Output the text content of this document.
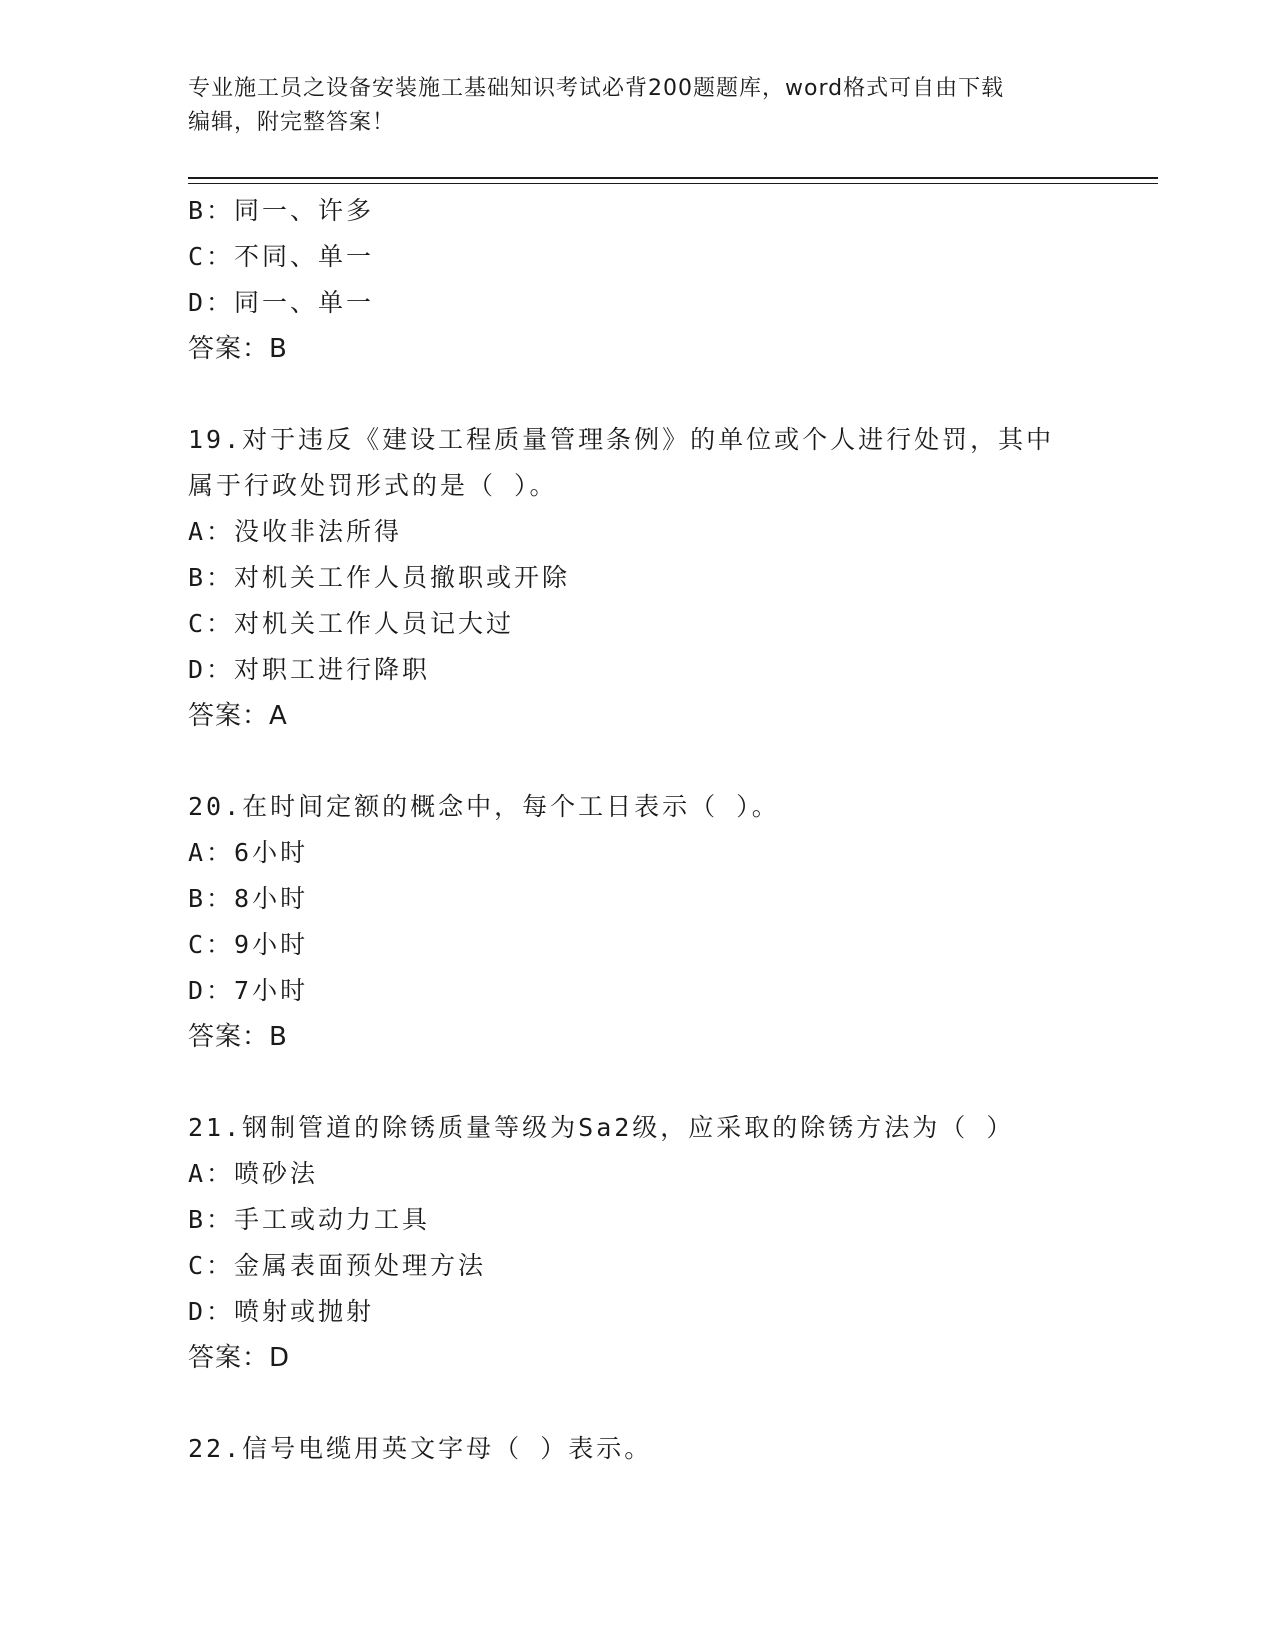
专业施工员之设备安装施工基础知识考试必背200题题库，word格式可自由下载
编辑，附完整答案！
B：同一、许多
C：不同、单一
D：同一、单一
答案：B
19.对于违反《建设工程质量管理条例》的单位或个人进行处罚，其中
属于行政处罚形式的是（ ）。
A：没收非法所得
B：对机关工作人员撤职或开除
C：对机关工作人员记大过
D：对职工进行降职
答案：A
20.在时间定额的概念中，每个工日表示（ ）。
A：6小时
B：8小时
C：9小时
D：7小时
答案：B
21.钢制管道的除锈质量等级为Sa2级，应采取的除锈方法为（ ）
A：喷砂法
B：手工或动力工具
C：金属表面预处理方法
D：喷射或抛射
答案：D
22.信号电缆用英文字母（ ）表示。
